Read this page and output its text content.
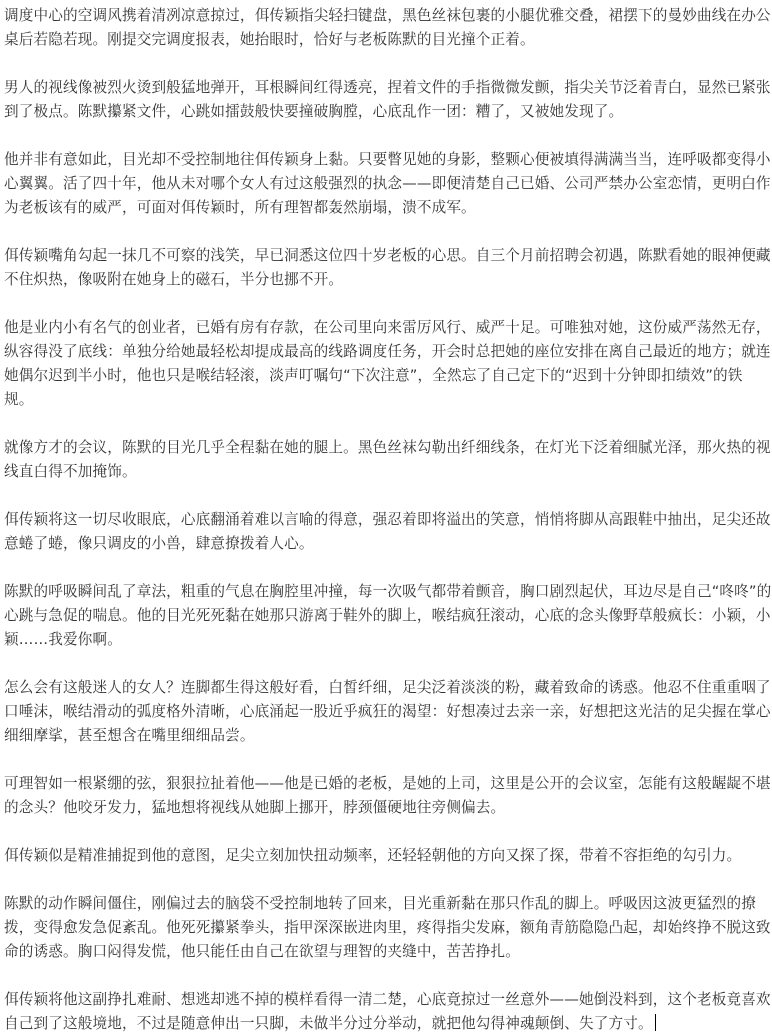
调度中心的空调风携着清冽凉意掠过，佴传颖指尖轻扫键盘，黑色丝袜包裹的小腿优雅交叠，裙摆下的曼妙曲线在办公桌后若隐若现。刚提交完调度报表，她抬眼时，恰好与老板陈默的目光撞个正着。

男人的视线像被烈火烫到般猛地弹开，耳根瞬间红得透亮，捏着文件的手指微微发颤，指尖关节泛着青白，显然已紧张到了极点。陈默攥紧文件，心跳如擂鼓般快要撞破胸膛，心底乱作一团：糟了，又被她发现了。

他并非有意如此，目光却不受控制地往佴传颖身上黏。只要瞥见她的身影，整颗心便被填得满满当当，连呼吸都变得小心翼翼。活了四十年，他从未对哪个女人有过这般强烈的执念——即便清楚自己已婚、公司严禁办公室恋情，更明白作为老板该有的威严，可面对佴传颖时，所有理智都轰然崩塌，溃不成军。

佴传颖嘴角勾起一抹几不可察的浅笑，早已洞悉这位四十岁老板的心思。自三个月前招聘会初遇，陈默看她的眼神便藏不住炽热，像吸附在她身上的磁石，半分也挪不开。

他是业内小有名气的创业者，已婚有房有存款，在公司里向来雷厉风行、威严十足。可唯独对她，这份威严荡然无存，纵容得没了底线：单独分给她最轻松却提成最高的线路调度任务，开会时总把她的座位安排在离自己最近的地方；就连她偶尔迟到半小时，他也只是喉结轻滚，淡声叮嘱句“下次注意”，全然忘了自己定下的“迟到十分钟即扣绩效”的铁规。

就像方才的会议，陈默的目光几乎全程黏在她的腿上。黑色丝袜勾勒出纤细线条，在灯光下泛着细腻光泽，那火热的视线直白得不加掩饰。

佴传颖将这一切尽收眼底，心底翻涌着难以言喻的得意，强忍着即将溢出的笑意，悄悄将脚从高跟鞋中抽出，足尖还故意蜷了蜷，像只调皮的小兽，肆意撩拨着人心。

陈默的呼吸瞬间乱了章法，粗重的气息在胸腔里冲撞，每一次吸气都带着颤音，胸口剧烈起伏，耳边尽是自己“咚咚”的心跳与急促的喘息。他的目光死死黏在她那只游离于鞋外的脚上，喉结疯狂滚动，心底的念头像野草般疯长：小颖，小颖……我爱你啊。

怎么会有这般迷人的女人？连脚都生得这般好看，白皙纤细，足尖泛着淡淡的粉，藏着致命的诱惑。他忍不住重重咽了口唾沫，喉结滑动的弧度格外清晰，心底涌起一股近乎疯狂的渴望：好想凑过去亲一亲，好想把这光洁的足尖握在掌心细细摩挲，甚至想含在嘴里细细品尝。

可理智如一根紧绷的弦，狠狠拉扯着他——他是已婚的老板，是她的上司，这里是公开的会议室，怎能有这般龌龊不堪的念头？他咬牙发力，猛地想将视线从她脚上挪开，脖颈僵硬地往旁侧偏去。

佴传颖似是精准捕捉到他的意图，足尖立刻加快扭动频率，还轻轻朝他的方向又探了探，带着不容拒绝的勾引力。

陈默的动作瞬间僵住，刚偏过去的脑袋不受控制地转了回来，目光重新黏在那只作乱的脚上。呼吸因这波更猛烈的撩拨，变得愈发急促紊乱。他死死攥紧拳头，指甲深深嵌进肉里，疼得指尖发麻，额角青筋隐隐凸起，却始终挣不脱这致命的诱惑。胸口闷得发慌，他只能任由自己在欲望与理智的夹缝中，苦苦挣扎。

佴传颖将他这副挣扎难耐、想逃却逃不掉的模样看得一清二楚，心底竟掠过一丝意外——她倒没料到，这个老板竟喜欢自己到了这般境地，不过是随意伸出一只脚，未做半分过分举动，就把他勾得神魂颠倒、失了方寸。
